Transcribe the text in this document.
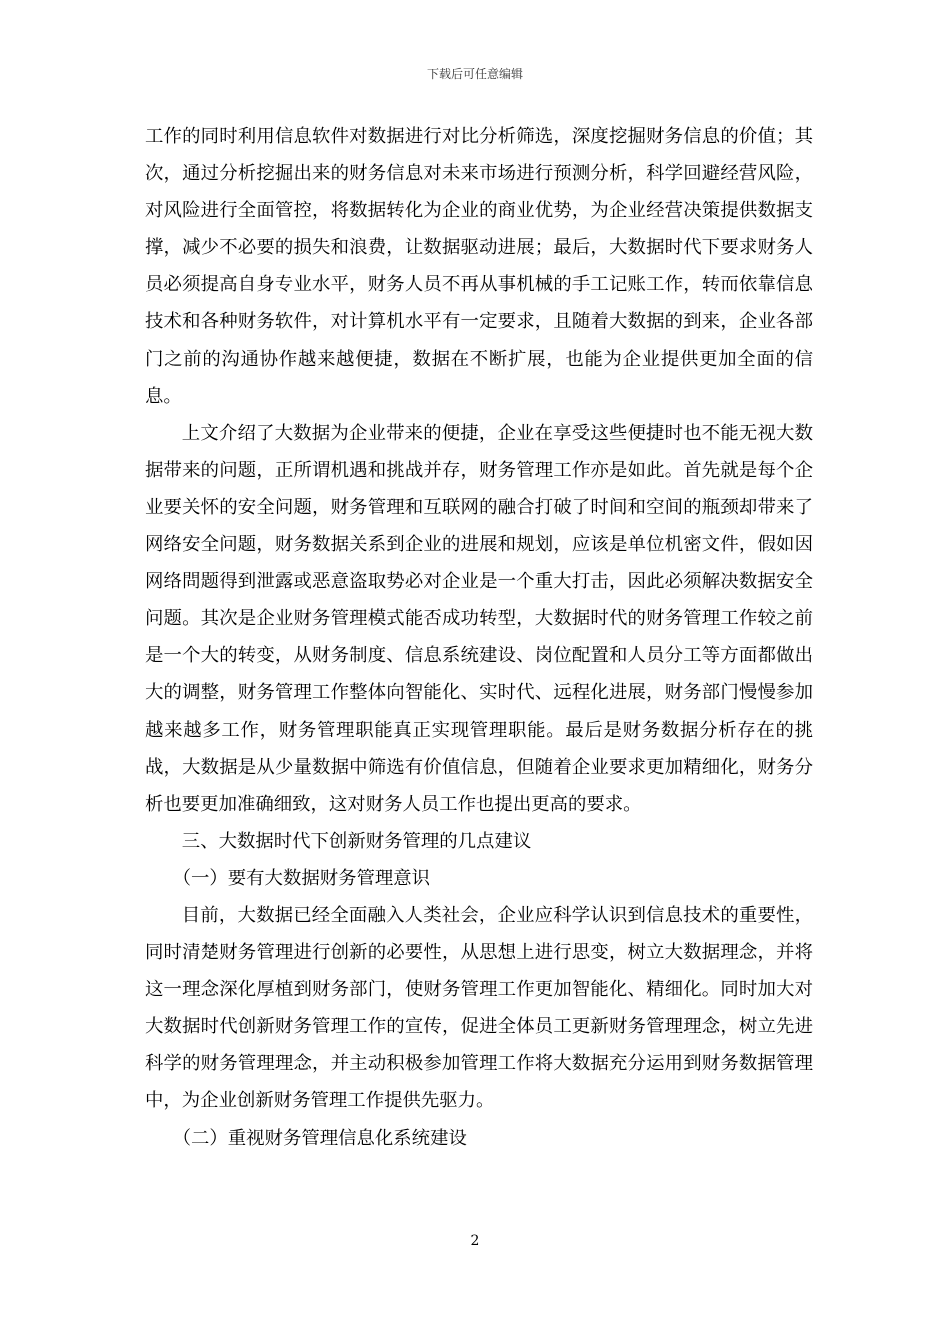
下载后可任意编辑

工作的同时利用信息软件对数据进行对比分析筛选，深度挖掘财务信息的价值；其次，通过分析挖掘出来的财务信息对未来市场进行预测分析，科学回避经营风险，对风险进行全面管控，将数据转化为企业的商业优势，为企业经营决策提供数据支撑，减少不必要的损失和浪费，让数据驱动进展；最后，大数据时代下要求财务人员必须提高自身专业水平，财务人员不再从事机械的手工记账工作，转而依靠信息技术和各种财务软件，对计算机水平有一定要求，且随着大数据的到来，企业各部门之前的沟通协作越来越便捷，数据在不断扩展，也能为企业提供更加全面的信息。

上文介绍了大数据为企业带来的便捷，企业在享受这些便捷时也不能无视大数据带来的问题，正所谓机遇和挑战并存，财务管理工作亦是如此。首先就是每个企业要关怀的安全问题，财务管理和互联网的融合打破了时间和空间的瓶颈却带来了网络安全问题，财务数据关系到企业的进展和规划，应该是单位机密文件，假如因网络問题得到泄露或恶意盗取势必对企业是一个重大打击，因此必须解决数据安全问题。其次是企业财务管理模式能否成功转型，大数据时代的财务管理工作较之前是一个大的转变，从财务制度、信息系统建设、岗位配置和人员分工等方面都做出大的调整，财务管理工作整体向智能化、实时代、远程化进展，财务部门慢慢参加越来越多工作，财务管理职能真正实现管理职能。最后是财务数据分析存在的挑战，大数据是从少量数据中筛选有价值信息，但随着企业要求更加精细化，财务分析也要更加准确细致，这对财务人员工作也提出更高的要求。

三、大数据时代下创新财务管理的几点建议

（一）要有大数据财务管理意识

目前，大数据已经全面融入人类社会，企业应科学认识到信息技术的重要性，同时清楚财务管理进行创新的必要性，从思想上进行思变，树立大数据理念，并将这一理念深化厚植到财务部门，使财务管理工作更加智能化、精细化。同时加大对大数据时代创新财务管理工作的宣传，促进全体员工更新财务管理理念，树立先进科学的财务管理理念，并主动积极参加管理工作将大数据充分运用到财务数据管理中，为企业创新财务管理工作提供先驱力。

（二）重视财务管理信息化系统建设

2
